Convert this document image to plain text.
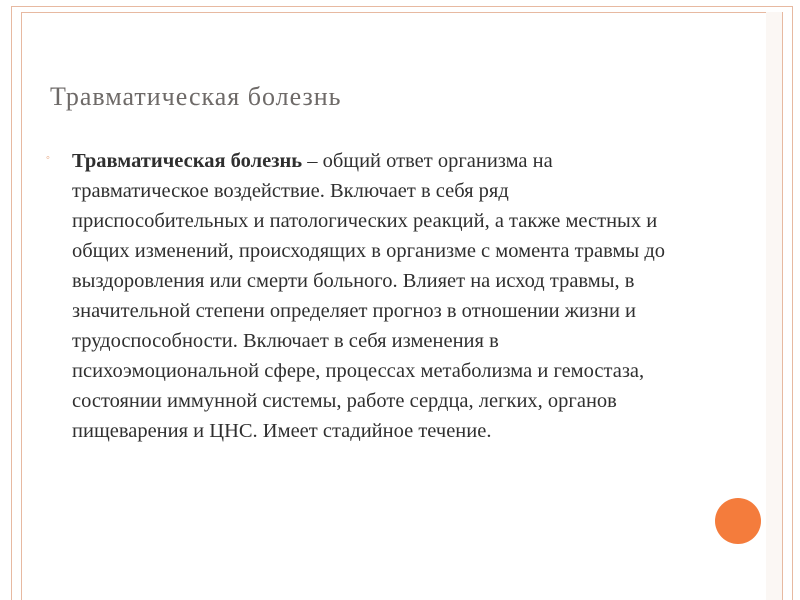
Травматическая болезнь
◦ Травматическая болезнь – общий ответ организма на травматическое воздействие. Включает в себя ряд приспособительных и патологических реакций, а также местных и общих изменений, происходящих в организме с момента травмы до выздоровления или смерти больного. Влияет на исход травмы, в значительной степени определяет прогноз в отношении жизни и трудоспособности. Включает в себя изменения в психоэмоциональной сфере, процессах метаболизма и гемостаза, состоянии иммунной системы, работе сердца, легких, органов пищеварения и ЦНС. Имеет стадийное течение.
